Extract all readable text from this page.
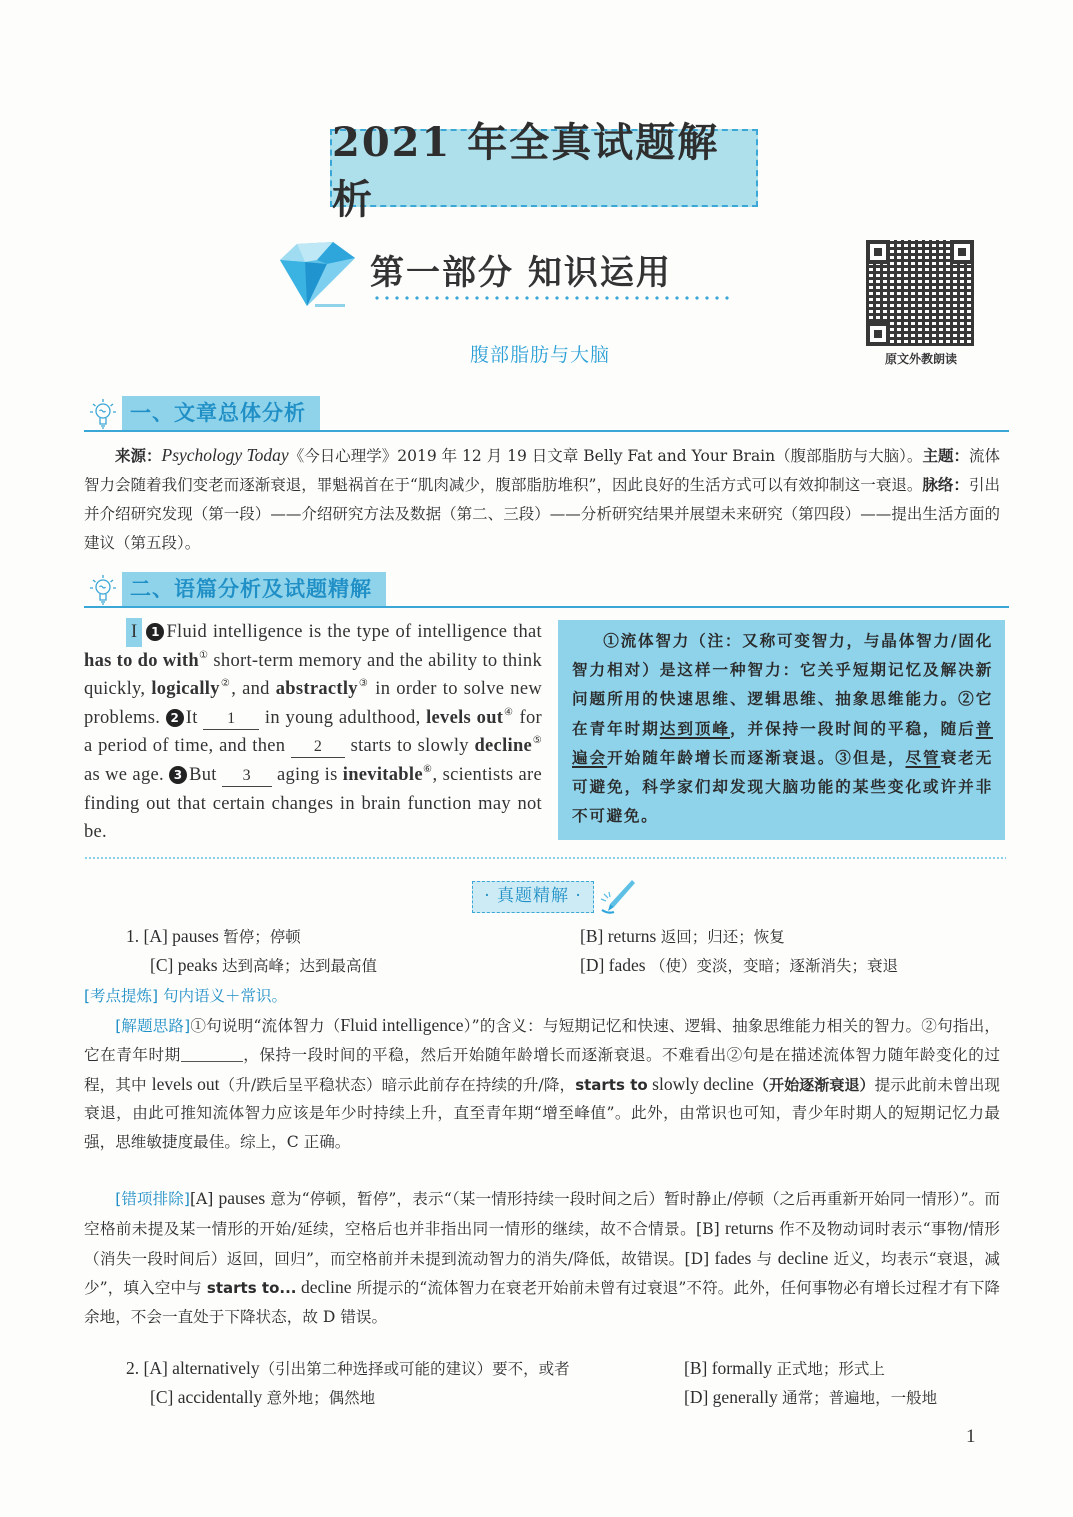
2021 年全真试题解析
第一部分 知识运用
原文外教朗读
腹部脂肪与大脑
一、文章总体分析
来源：Psychology Today《今日心理学》2019 年 12 月 19 日文章 Belly Fat and Your Brain（腹部脂肪与大脑）。主题：流体智力会随着我们变老而逐渐衰退，罪魁祸首在于“肌肉减少，腹部脂肪堆积”，因此良好的生活方式可以有效抑制这一衰退。脉络：引出并介绍研究发现（第一段）——介绍研究方法及数据（第二、三段）——分析研究结果并展望未来研究（第四段）——提出生活方面的建议（第五段）。
二、语篇分析及试题精解
I 1 Fluid intelligence is the type of intelligence that has to do with① short-term memory and the ability to think quickly, logically②, and abstractly③ in order to solve new problems. 2 It 1 in young adulthood, levels out④ for a period of time, and then 2 starts to slowly decline⑤ as we age. 3 But 3 aging is inevitable⑥, scientists are finding out that certain changes in brain function may not be.
①流体智力（注：又称可变智力，与晶体智力/固化智力相对）是这样一种智力：它关乎短期记忆及解决新问题所用的快速思维、逻辑思维、抽象思维能力。②它在青年时期达到顶峰，并保持一段时间的平稳，随后普遍会开始随年龄增长而逐渐衰退。③但是，尽管衰老无可避免，科学家们却发现大脑功能的某些变化或许并非不可避免。
· 真题精解 ·
1. [A] pauses 暂停；停顿	[B] returns 返回；归还；恢复
[C] peaks 达到高峰；达到最高值	[D] fades （使）变淡，变暗；逐渐消失；衰退
[考点提炼] 句内语义＋常识。
[解题思路]①句说明“流体智力（Fluid intelligence）”的含义：与短期记忆和快速、逻辑、抽象思维能力相关的智力。②句指出，它在青年时期	，保持一段时间的平稳，然后开始随年龄增长而逐渐衰退。不难看出②句是在描述流体智力随年龄变化的过程，其中 levels out（升/跌后呈平稳状态）暗示此前存在持续的升/降，starts to slowly decline（开始逐渐衰退）提示此前未曾出现衰退，由此可推知流体智力应该是年少时持续上升，直至青年期“增至峰值”。此外，由常识也可知，青少年时期人的短期记忆力最强，思维敏捷度最佳。综上，C 正确。
[错项排除][A] pauses 意为“停顿，暂停”，表示“（某一情形持续一段时间之后）暂时静止/停顿（之后再重新开始同一情形）”。而空格前未提及某一情形的开始/延续，空格后也并非指出同一情形的继续，故不合情景。[B] returns 作不及物动词时表示“事物/情形（消失一段时间后）返回，回归”，而空格前并未提到流动智力的消失/降低，故错误。[D] fades 与 decline 近义，均表示“衰退，减少”，填入空中与 starts to... decline 所提示的“流体智力在衰老开始前未曾有过衰退”不符。此外，任何事物必有增长过程才有下降余地，不会一直处于下降状态，故 D 错误。
2. [A] alternatively（引出第二种选择或可能的建议）要不，或者	[B] formally 正式地；形式上
[C] accidentally 意外地；偶然地	[D] generally 通常；普遍地，一般地
1
